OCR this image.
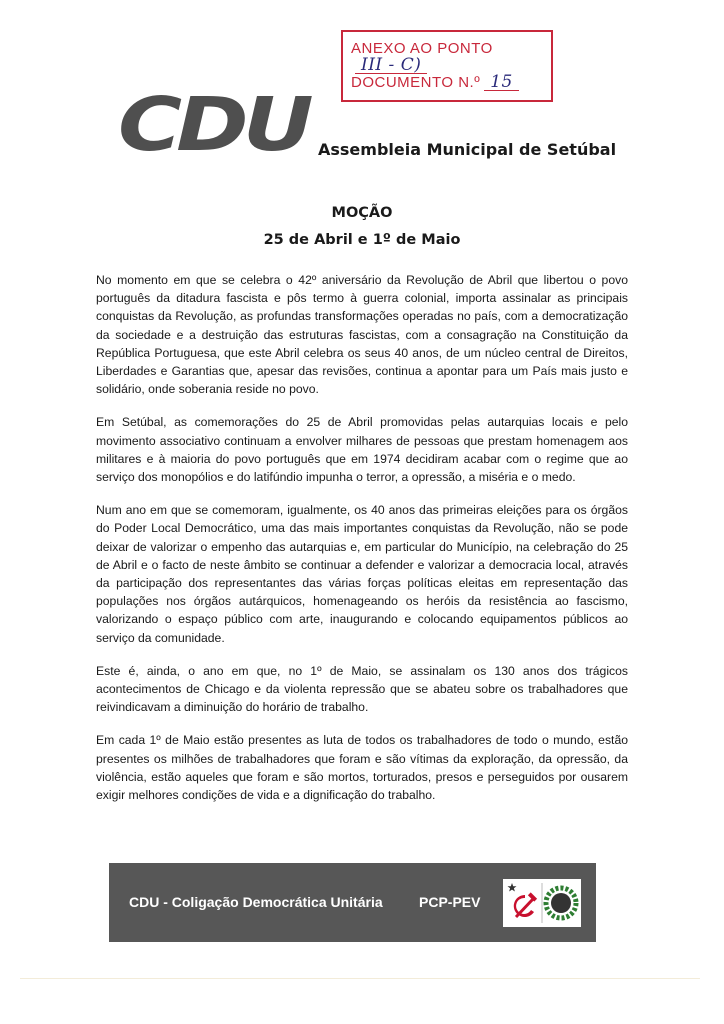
ANEXO AO PONTOIII - C)
DOCUMENTO N.º 15
CDU Assembleia Municipal de Setúbal
MOÇÃO
25 de Abril e 1º de Maio

No momento em que se celebra o 42º aniversário da Revolução de Abril que libertou o povo português da ditadura fascista e pôs termo à guerra colonial, importa assinalar as principais conquistas da Revolução, as profundas transformações operadas no país, com a democratização da sociedade e a destruição das estruturas fascistas, com a consagração na Constituição da República Portuguesa, que este Abril celebra os seus 40 anos, de um núcleo central de Direitos, Liberdades e Garantias que, apesar das revisões, continua a apontar para um País mais justo e solidário, onde soberania reside no povo.

Em Setúbal, as comemorações do 25 de Abril promovidas pelas autarquias locais e pelo movimento associativo continuam a envolver milhares de pessoas que prestam homenagem aos militares e à maioria do povo português que em 1974 decidiram acabar com o regime que ao serviço dos monopólios e do latifúndio impunha o terror, a opressão, a miséria e o medo.

Num ano em que se comemoram, igualmente, os 40 anos das primeiras eleições para os órgãos do Poder Local Democrático, uma das mais importantes conquistas da Revolução, não se pode deixar de valorizar o empenho das autarquias e, em particular do Município, na celebração do 25 de Abril e o facto de neste âmbito se continuar a defender e valorizar a democracia local, através da participação dos representantes das várias forças políticas eleitas em representação das populações nos órgãos autárquicos, homenageando os heróis da resistência ao fascismo, valorizando o espaço público com arte, inaugurando e colocando equipamentos públicos ao serviço da comunidade.

Este é, ainda, o ano em que, no 1º de Maio, se assinalam os 130 anos dos trágicos acontecimentos de Chicago e da violenta repressão que se abateu sobre os trabalhadores que reivindicavam a diminuição do horário de trabalho.

Em cada 1º de Maio estão presentes as luta de todos os trabalhadores de todo o mundo, estão presentes os milhões de trabalhadores que foram e são vítimas da exploração, da opressão, da violência, estão aqueles que foram e são mortos, torturados, presos e perseguidos por ousarem exigir melhores condições de vida e a dignificação do trabalho.

CDU - Coligação Democrática Unitária	PCP-PEV
